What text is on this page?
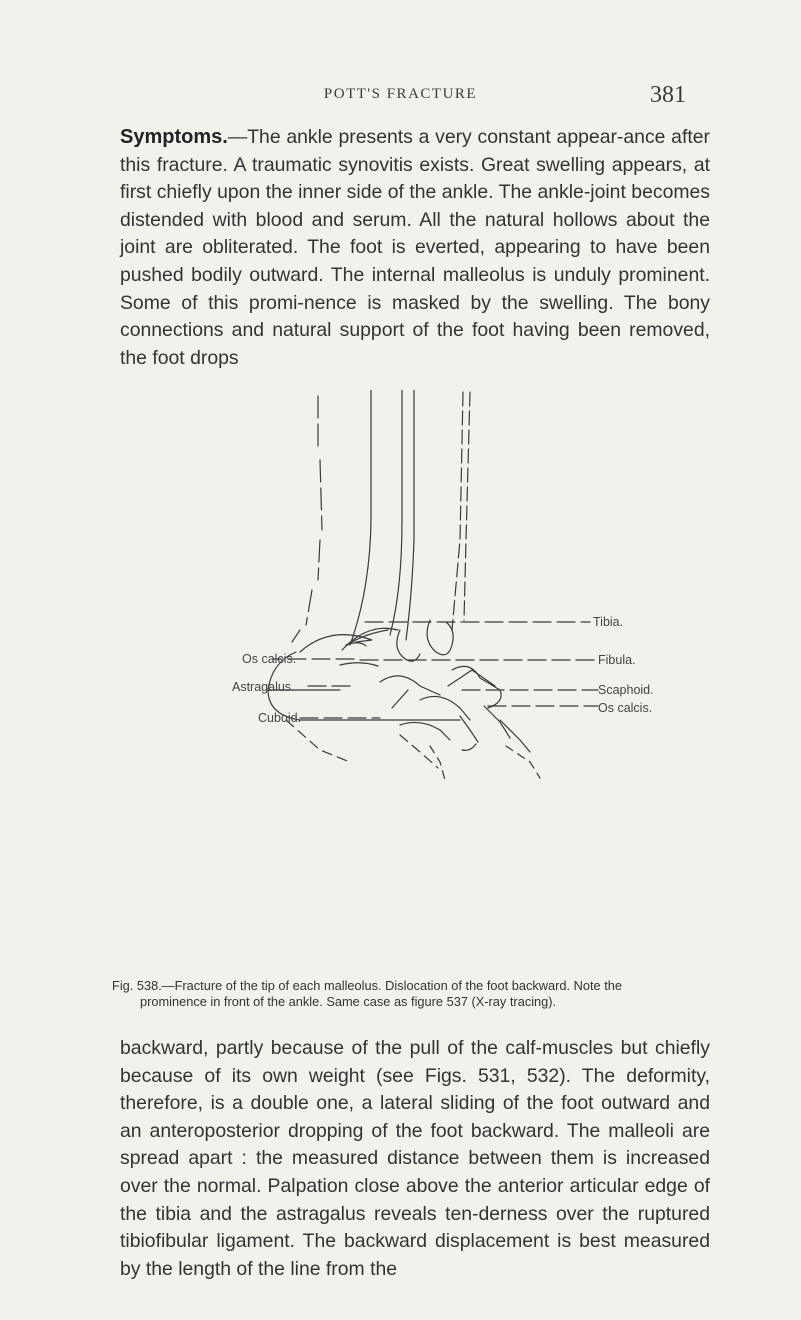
POTT'S FRACTURE	381

Symptoms.—The ankle presents a very constant appear-ance after this fracture. A traumatic synovitis exists. Great swelling appears, at first chiefly upon the inner side of the ankle. The ankle-joint becomes distended with blood and serum. All the natural hollows about the joint are obliterated. The foot is everted, appearing to have been pushed bodily outward. The internal malleolus is unduly prominent. Some of this promi-nence is masked by the swelling. The bony connections and natural support of the foot having been removed, the foot drops

Os calcis.
Astragalus.
Cuboid.
Tibia.
Fibula.
Scaphoid.
Os calcis.

Fig. 538.—Fracture of the tip of each malleolus. Dislocation of the foot backward. Note the
prominence in front of the ankle. Same case as figure 537 (X-ray tracing).

backward, partly because of the pull of the calf-muscles but chiefly because of its own weight (see Figs. 531, 532). The deformity, therefore, is a double one, a lateral sliding of the foot outward and an anteroposterior dropping of the foot backward. The malleoli are spread apart : the measured distance between them is increased over the normal. Palpation close above the anterior articular edge of the tibia and the astragalus reveals ten-derness over the ruptured tibiofibular ligament. The backward displacement is best measured by the length of the line from the
